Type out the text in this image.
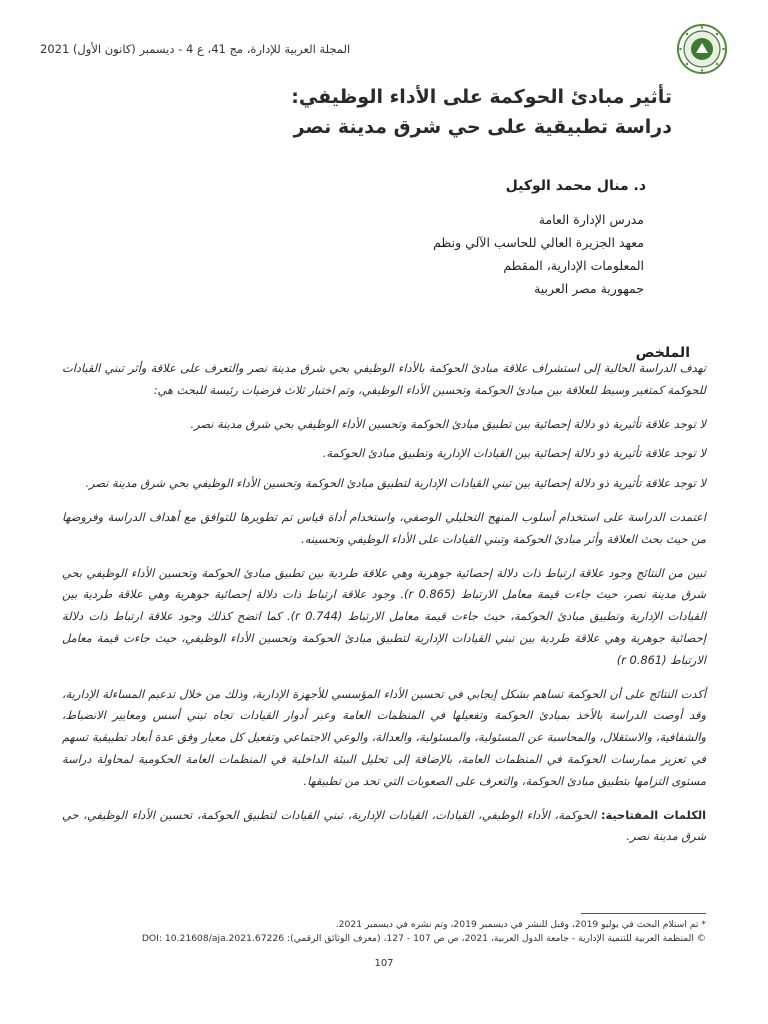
المجلة العربية للإدارة، مج 41، ع 4 - ديسمبر (كانون الأول) 2021
تأثير مبادئ الحوكمة على الأداء الوظيفي:
دراسة تطبيقية على حي شرق مدينة نصر
د. منال محمد الوكيل
مدرس الإدارة العامة
معهد الجزيرة العالي للحاسب الآلي ونظم
المعلومات الإدارية، المقطم
جمهورية مصر العربية
الملخص

تهدف الدراسة الحالية إلى استشراف علاقة مبادئ الحوكمة بالأداء الوظيفي بحي شرق مدينة نصر والتعرف على علاقة وأثر تبني القيادات للحوكمة كمتغير وسيط للعلاقة بين مبادئ الحوكمة وتحسين الأداء الوظيفي، وتم اختبار ثلاث فرضيات رئيسة للبحث هي:

لا توجد علاقة تأثيرية ذو دلالة إحصائية بين تطبيق مبادئ الحوكمة وتحسين الأداء الوظيفي بحي شرق مدينة نصر.

لا توجد علاقة تأثيرية ذو دلالة إحصائية بين القيادات الإدارية وتطبيق مبادئ الحوكمة.

لا توجد علاقة تأثيرية ذو دلالة إحصائية بين تبني القيادات الإدارية لتطبيق مبادئ الحوكمة وتحسين الأداء الوظيفي بحي شرق مدينة نصر.

اعتمدت الدراسة على استخدام أسلوب المنهج التحليلي الوصفي، واستخدام أداة قياس تم تطويرها للتوافق مع أهداف الدراسة وفروضها من حيث بحث العلاقة وأثر مبادئ الحوكمة وتبني القيادات على الأداء الوظيفي وتحسينه.

تبين من النتائج وجود علاقة ارتباط ذات دلالة إحصائية جوهرية وهي علاقة طردية بين تطبيق مبادئ الحوكمة وتحسين الأداء الوظيفي بحي شرق مدينة نصر، حيث جاءت قيمة معامل الارتباط (r 0.865). وجود علاقة ارتباط ذات دلالة إحصائية جوهرية وهي علاقة طردية بين القيادات الإدارية وتطبيق مبادئ الحوكمة، حيث جاءت قيمة معامل الارتباط (r 0.744). كما اتضح كذلك وجود علاقة ارتباط ذات دلالة إحصائية جوهرية وهي علاقة طردية بين تبني القيادات الإدارية لتطبيق مبادئ الحوكمة وتحسين الأداء الوظيفي، حيث جاءت قيمة معامل الارتباط (r 0.861)

أكدت النتائج على أن الحوكمة تساهم بشكل إيجابي في تحسين الأداء المؤسسي للأجهزة الإدارية، وذلك من خلال تدعيم المساءلة الإدارية، وقد أوصت الدراسة بالأخذ بمبادئ الحوكمة وتفعيلها في المنظمات العامة وعبر أدوار القيادات تجاه تبني أسس ومعايير الانضباط، والشفافية، والاستقلال، والمحاسبة عن المسئولية، والمسئولية، والعدالة، والوعي الاجتماعي وتفعيل كل معيار وفق عدة أبعاد تطبيقية تسهم في تعزيز ممارسات الحوكمة في المنظمات العامة، بالإضافة إلى تحليل البيئة الداخلية في المنظمات العامة الحكومية لمحاولة دراسة مستوى التزامها بتطبيق مبادئ الحوكمة، والتعرف على الصعوبات التي تحد من تطبيقها.

الكلمات المفتاحية: الحوكمة، الأداء الوظيفي، القيادات، القيادات الإدارية، تبني القيادات لتطبيق الحوكمة، تحسين الأداء الوظيفي، حي شرق مدينة نصر.

* تم استلام البحث في يوليو 2019، وقبل للنشر في ديسمبر 2019، وتم نشره في ديسمبر 2021.
© المنظمة العربية للتنمية الإدارية - جامعة الدول العربية، 2021، ص ص 107 - 127، (معرف الوثائق الرقمي): DOI: 10.21608/aja.2021.67226
107
